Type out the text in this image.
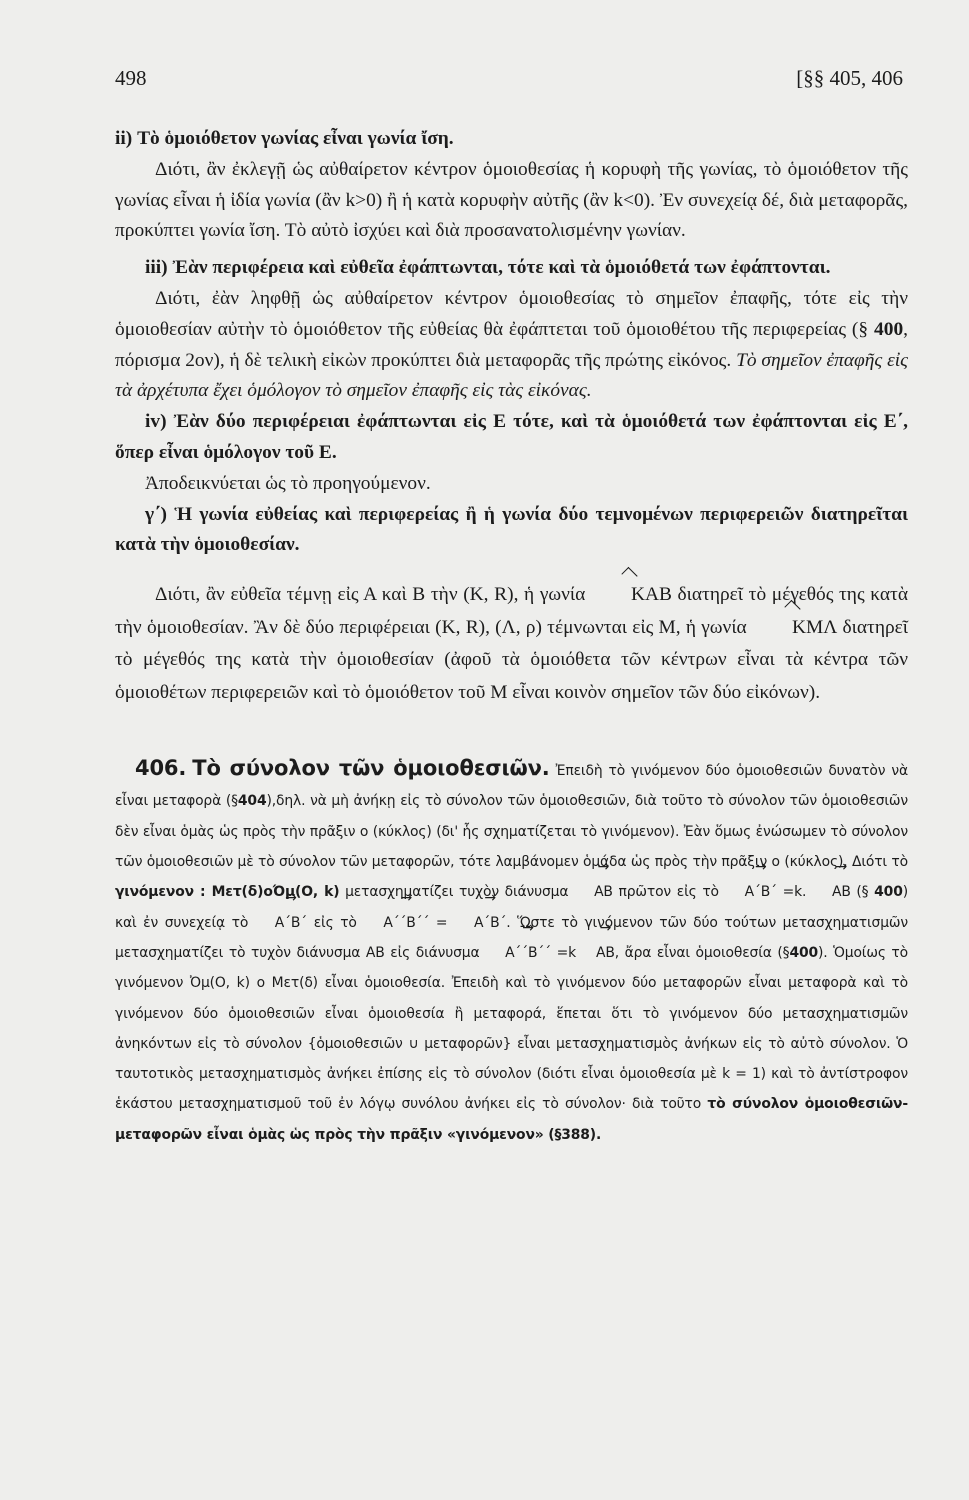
498	[§§ 405, 406

ii) Τὸ ὁμοιόθετον γωνίας εἶναι γωνία ἴση.

Διότι, ἂν ἐκλεγῇ ὡς αὐθαίρετον κέντρον ὁμοιοθεσίας ἡ κορυφὴ τῆς γωνίας, τὸ ὁμοιόθετον τῆς γωνίας εἶναι ἡ ἰδία γωνία (ἂν k>0) ἢ ἡ κατὰ κορυφὴν αὐτῆς (ἂν k<0). Ἐν συνεχείᾳ δέ, διὰ μεταφορᾶς, προκύπτει γωνία ἴση. Τὸ αὐτὸ ἰσχύει καὶ διὰ προσανατολισμένην γωνίαν.

iii) Ἐὰν περιφέρεια καὶ εὐθεῖα ἐφάπτωνται, τότε καὶ τὰ ὁμοιόθετά των ἐφάπτονται.

Διότι, ἐὰν ληφθῇ ὡς αὐθαίρετον κέντρον ὁμοιοθεσίας τὸ σημεῖον ἐπαφῆς, τότε εἰς τὴν ὁμοιοθεσίαν αὐτὴν τὸ ὁμοιόθετον τῆς εὐθείας θὰ ἐφάπτεται τοῦ ὁμοιοθέτου τῆς περιφερείας (§ 400, πόρισμα 2ον), ἡ δὲ τελικὴ εἰκὼν προκύπτει διὰ μεταφορᾶς τῆς πρώτης εἰκόνος. Τὸ σημεῖον ἐπαφῆς εἰς τὰ ἀρχέτυπα ἔχει ὁμόλογον τὸ σημεῖον ἐπαφῆς εἰς τὰς εἰκόνας.

iv) Ἐὰν δύο περιφέρειαι ἐφάπτωνται εἰς Ε τότε, καὶ τὰ ὁμοιόθετά των ἐφάπτονται εἰς Ε΄, ὅπερ εἶναι ὁμόλογον τοῦ Ε.

Ἀποδεικνύεται ὡς τὸ προηγούμενον.

γ΄) Ἡ γωνία εὐθείας καὶ περιφερείας ἢ ἡ γωνία δύο τεμνομένων περιφερειῶν διατηρεῖται κατὰ τὴν ὁμοιοθεσίαν.

Διότι, ἂν εὐθεῖα τέμνῃ εἰς Α καὶ Β τὴν (Κ, R), ἡ γωνία ΚΑΒ διατηρεῖ τὸ μέγεθός της κατὰ τὴν ὁμοιοθεσίαν. Ἂν δὲ δύο περιφέρειαι (Κ, R), (Λ, ρ) τέμνωνται εἰς Μ, ἡ γωνία ΚΜΛ διατηρεῖ τὸ μέγεθός της κατὰ τὴν ὁμοιοθεσίαν (ἀφοῦ τὰ ὁμοιόθετα τῶν κέντρων εἶναι τὰ κέντρα τῶν ὁμοιοθέτων περιφερειῶν καὶ τὸ ὁμοιόθετον τοῦ Μ εἶναι κοινὸν σημεῖον τῶν δύο εἰκόνων).

406. Τὸ σύνολον τῶν ὁμοιοθεσιῶν. Ἐπειδὴ τὸ γινόμενον δύο ὁμοιοθεσιῶν δυνατὸν νὰ εἶναι μεταφορὰ (§404),δηλ. νὰ μὴ ἀνήκῃ εἰς τὸ σύνολον τῶν ὁμοιοθεσιῶν, διὰ τοῦτο τὸ σύνολον τῶν ὁμοιοθεσιῶν δὲν εἶναι ὁμὰς ὡς πρὸς τὴν πρᾶξιν ο (κύκλος) (δι' ἧς σχηματίζεται τὸ γινόμενον). Ἐὰν ὅμως ἐνώσωμεν τὸ σύνολον τῶν ὁμοιοθεσιῶν μὲ τὸ σύνολον τῶν μεταφορῶν, τότε λαμβάνομεν ὁμάδα ὡς πρὸς τὴν πρᾶξιν ο (κύκλος). Διότι τὸ γινόμενον : Μετ(δ)οΌμ(Ο, k) μετασχηματίζει τυχὸν διάνυσμα → ΑΒ πρῶτον εἰς τὸ → Α΄Β΄ =k. → ΑΒ (§ 400) καὶ ἐν συνεχείᾳ τὸ → Α΄Β΄ εἰς τὸ → Α΄΄Β΄΄ = → Α΄Β΄. Ὥστε τὸ γινόμενον τῶν δύο τούτων μετασχηματισμῶν μετασχηματίζει τὸ τυχὸν διάνυσμα ΑΒ εἰς διάνυσμα → Α΄΄Β΄΄ =k → ΑΒ, ἄρα εἶναι ὁμοιοθεσία (§400). Ὁμοίως τὸ γινόμενον Ὀμ(Ο, k) ο Μετ(δ) εἶναι ὁμοιοθεσία. Ἐπειδὴ καὶ τὸ γινόμενον δύο μεταφορῶν εἶναι μεταφορὰ καὶ τὸ γινόμενον δύο ὁμοιοθεσιῶν εἶναι ὁμοιοθεσία ἢ μεταφορά, ἕπεται ὅτι τὸ γινόμενον δύο μετασχηματισμῶν ἀνηκόντων εἰς τὸ σύνολον {ὁμοιοθεσιῶν ∪ μεταφορῶν} εἶναι μετασχηματισμὸς ἀνήκων εἰς τὸ αὐτὸ σύνολον. Ὁ ταυτοτικὸς μετασχηματισμὸς ἀνήκει ἐπίσης εἰς τὸ σύνολον (διότι εἶναι ὁμοιοθεσία μὲ k = 1) καὶ τὸ ἀντίστροφον ἑκάστου μετασχηματισμοῦ τοῦ ἐν λόγῳ συνόλου ἀνήκει εἰς τὸ σύνολον· διὰ τοῦτο τὸ σύνολον ὁμοιοθεσιῶν-μεταφορῶν εἶναι ὁμὰς ὡς πρὸς τὴν πρᾶξιν «γινόμενον» (§388).
